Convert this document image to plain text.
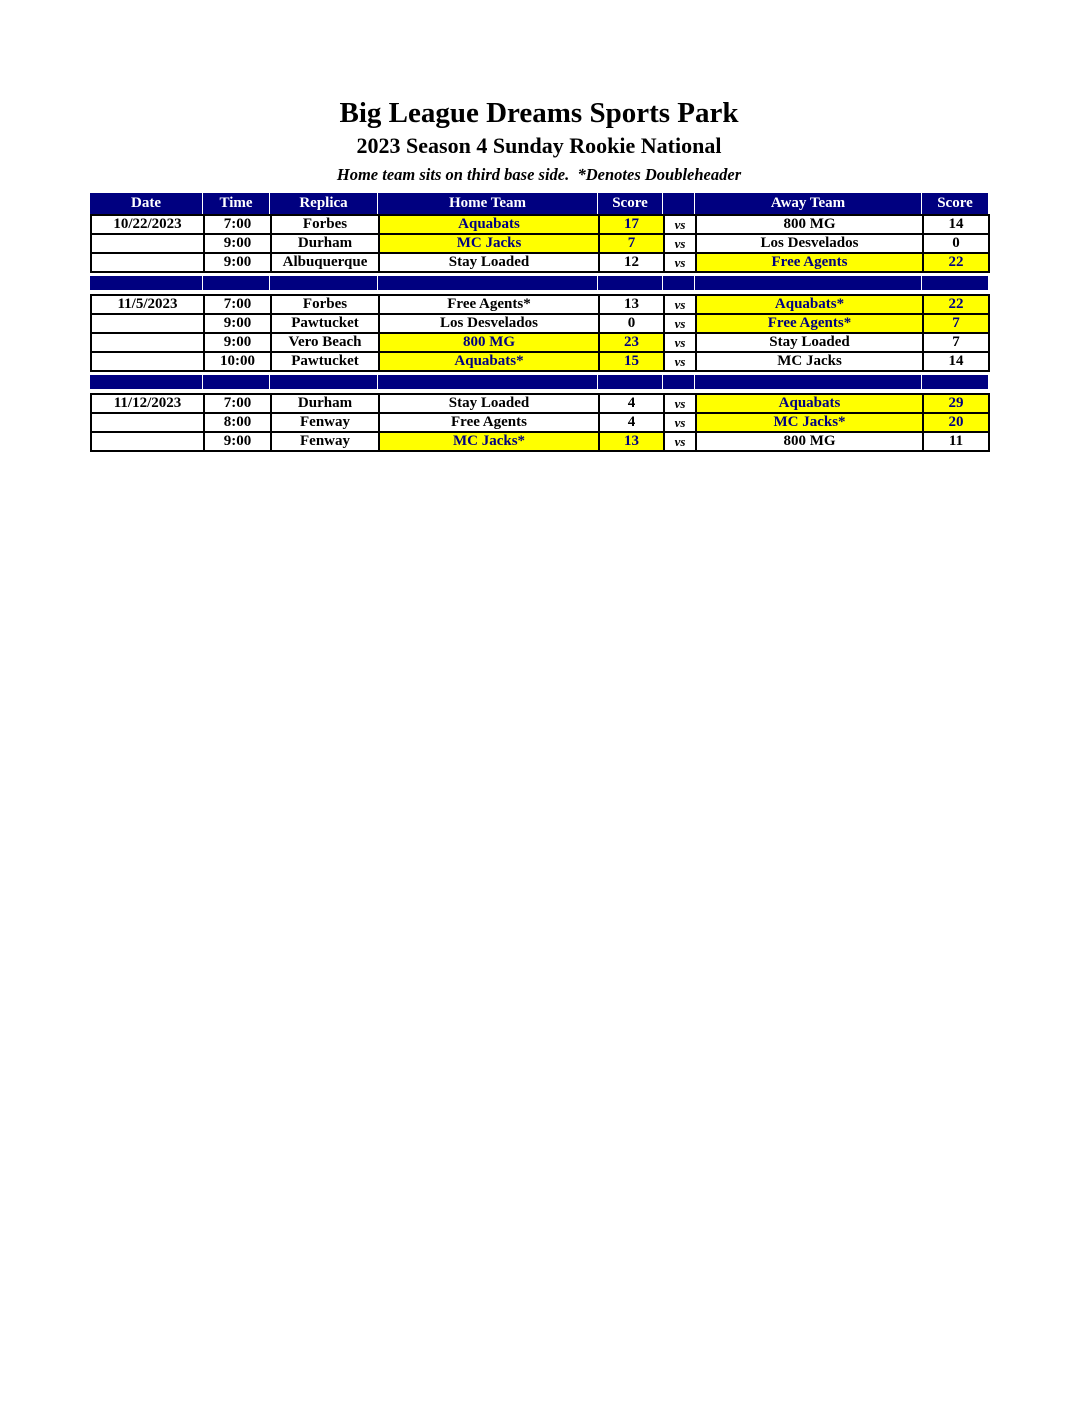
Big League Dreams Sports Park
2023 Season 4 Sunday Rookie National
Home team sits on third base side.  *Denotes Doubleheader
Date	Time	Replica	Home Team	Score	Away Team	Score
10/22/2023	7:00	Forbes	Aquabats	17	vs	800 MG	14
	9:00	Durham	MC Jacks	7	vs	Los Desvelados	0
	9:00	Albuquerque	Stay Loaded	12	vs	Free Agents	22
11/5/2023	7:00	Forbes	Free Agents*	13	vs	Aquabats*	22
	9:00	Pawtucket	Los Desvelados	0	vs	Free Agents*	7
	9:00	Vero Beach	800 MG	23	vs	Stay Loaded	7
	10:00	Pawtucket	Aquabats*	15	vs	MC Jacks	14
11/12/2023	7:00	Durham	Stay Loaded	4	vs	Aquabats	29
	8:00	Fenway	Free Agents	4	vs	MC Jacks*	20
	9:00	Fenway	MC Jacks*	13	vs	800 MG	11
